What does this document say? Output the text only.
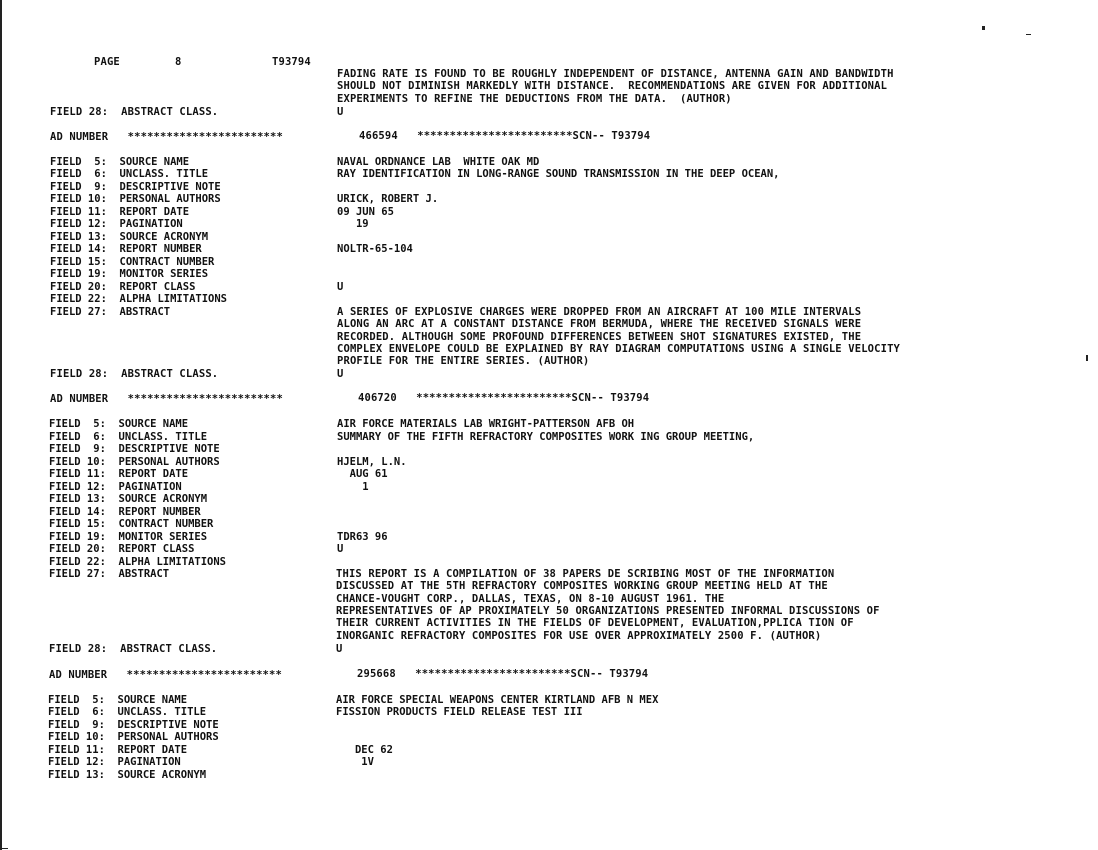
PAGE	8	T93794
FADING RATE IS FOUND TO BE ROUGHLY INDEPENDENT OF DISTANCE, ANTENNA GAIN AND BANDWIDTH
SHOULD NOT DIMINISH MARKEDLY WITH DISTANCE.  RECOMMENDATIONS ARE GIVEN FOR ADDITIONAL
EXPERIMENTS TO REFINE THE DEDUCTIONS FROM THE DATA.  (AUTHOR)
FIELD 28:  ABSTRACT CLASS.	U
AD NUMBER   ************************	466594   ************************SCN-- T93794
FIELD  5:  SOURCE NAME	NAVAL ORDNANCE LAB  WHITE OAK MD
FIELD  6:  UNCLASS. TITLE	RAY IDENTIFICATION IN LONG-RANGE SOUND TRANSMISSION IN THE DEEP OCEAN,
FIELD  9:  DESCRIPTIVE NOTE
FIELD 10:  PERSONAL AUTHORS	URICK, ROBERT J.
FIELD 11:  REPORT DATE	09 JUN 65
FIELD 12:  PAGINATION	19
FIELD 13:  SOURCE ACRONYM
FIELD 14:  REPORT NUMBER	NOLTR-65-104
FIELD 15:  CONTRACT NUMBER
FIELD 19:  MONITOR SERIES
FIELD 20:  REPORT CLASS	U
FIELD 22:  ALPHA LIMITATIONS
FIELD 27:  ABSTRACT	A SERIES OF EXPLOSIVE CHARGES WERE DROPPED FROM AN AIRCRAFT AT 100 MILE INTERVALS
ALONG AN ARC AT A CONSTANT DISTANCE FROM BERMUDA, WHERE THE RECEIVED SIGNALS WERE
RECORDED. ALTHOUGH SOME PROFOUND DIFFERENCES BETWEEN SHOT SIGNATURES EXISTED, THE
COMPLEX ENVELOPE COULD BE EXPLAINED BY RAY DIAGRAM COMPUTATIONS USING A SINGLE VELOCITY
PROFILE FOR THE ENTIRE SERIES. (AUTHOR)
FIELD 28:  ABSTRACT CLASS.	U
AD NUMBER   ************************	406720   ************************SCN-- T93794
FIELD  5:  SOURCE NAME	AIR FORCE MATERIALS LAB WRIGHT-PATTERSON AFB OH
FIELD  6:  UNCLASS. TITLE	SUMMARY OF THE FIFTH REFRACTORY COMPOSITES WORK ING GROUP MEETING,
FIELD  9:  DESCRIPTIVE NOTE
FIELD 10:  PERSONAL AUTHORS	HJELM, L.N.
FIELD 11:  REPORT DATE	AUG 61
FIELD 12:  PAGINATION	1
FIELD 13:  SOURCE ACRONYM
FIELD 14:  REPORT NUMBER
FIELD 15:  CONTRACT NUMBER
FIELD 19:  MONITOR SERIES	TDR63 96
FIELD 20:  REPORT CLASS	U
FIELD 22:  ALPHA LIMITATIONS
FIELD 27:  ABSTRACT	THIS REPORT IS A COMPILATION OF 38 PAPERS DE SCRIBING MOST OF THE INFORMATION
DISCUSSED AT THE 5TH REFRACTORY COMPOSITES WORKING GROUP MEETING HELD AT THE
CHANCE-VOUGHT CORP., DALLAS, TEXAS, ON 8-10 AUGUST 1961. THE
REPRESENTATIVES OF AP PROXIMATELY 50 ORGANIZATIONS PRESENTED INFORMAL DISCUSSIONS OF
THEIR CURRENT ACTIVITIES IN THE FIELDS OF DEVELOPMENT, EVALUATION,PPLICA TION OF
INORGANIC REFRACTORY COMPOSITES FOR USE OVER APPROXIMATELY 2500 F. (AUTHOR)
FIELD 28:  ABSTRACT CLASS.	U
AD NUMBER   ************************	295668   ************************SCN-- T93794
FIELD  5:  SOURCE NAME	AIR FORCE SPECIAL WEAPONS CENTER KIRTLAND AFB N MEX
FIELD  6:  UNCLASS. TITLE	FISSION PRODUCTS FIELD RELEASE TEST III
FIELD  9:  DESCRIPTIVE NOTE
FIELD 10:  PERSONAL AUTHORS
FIELD 11:  REPORT DATE	DEC 62
FIELD 12:  PAGINATION	1V
FIELD 13:  SOURCE ACRONYM
